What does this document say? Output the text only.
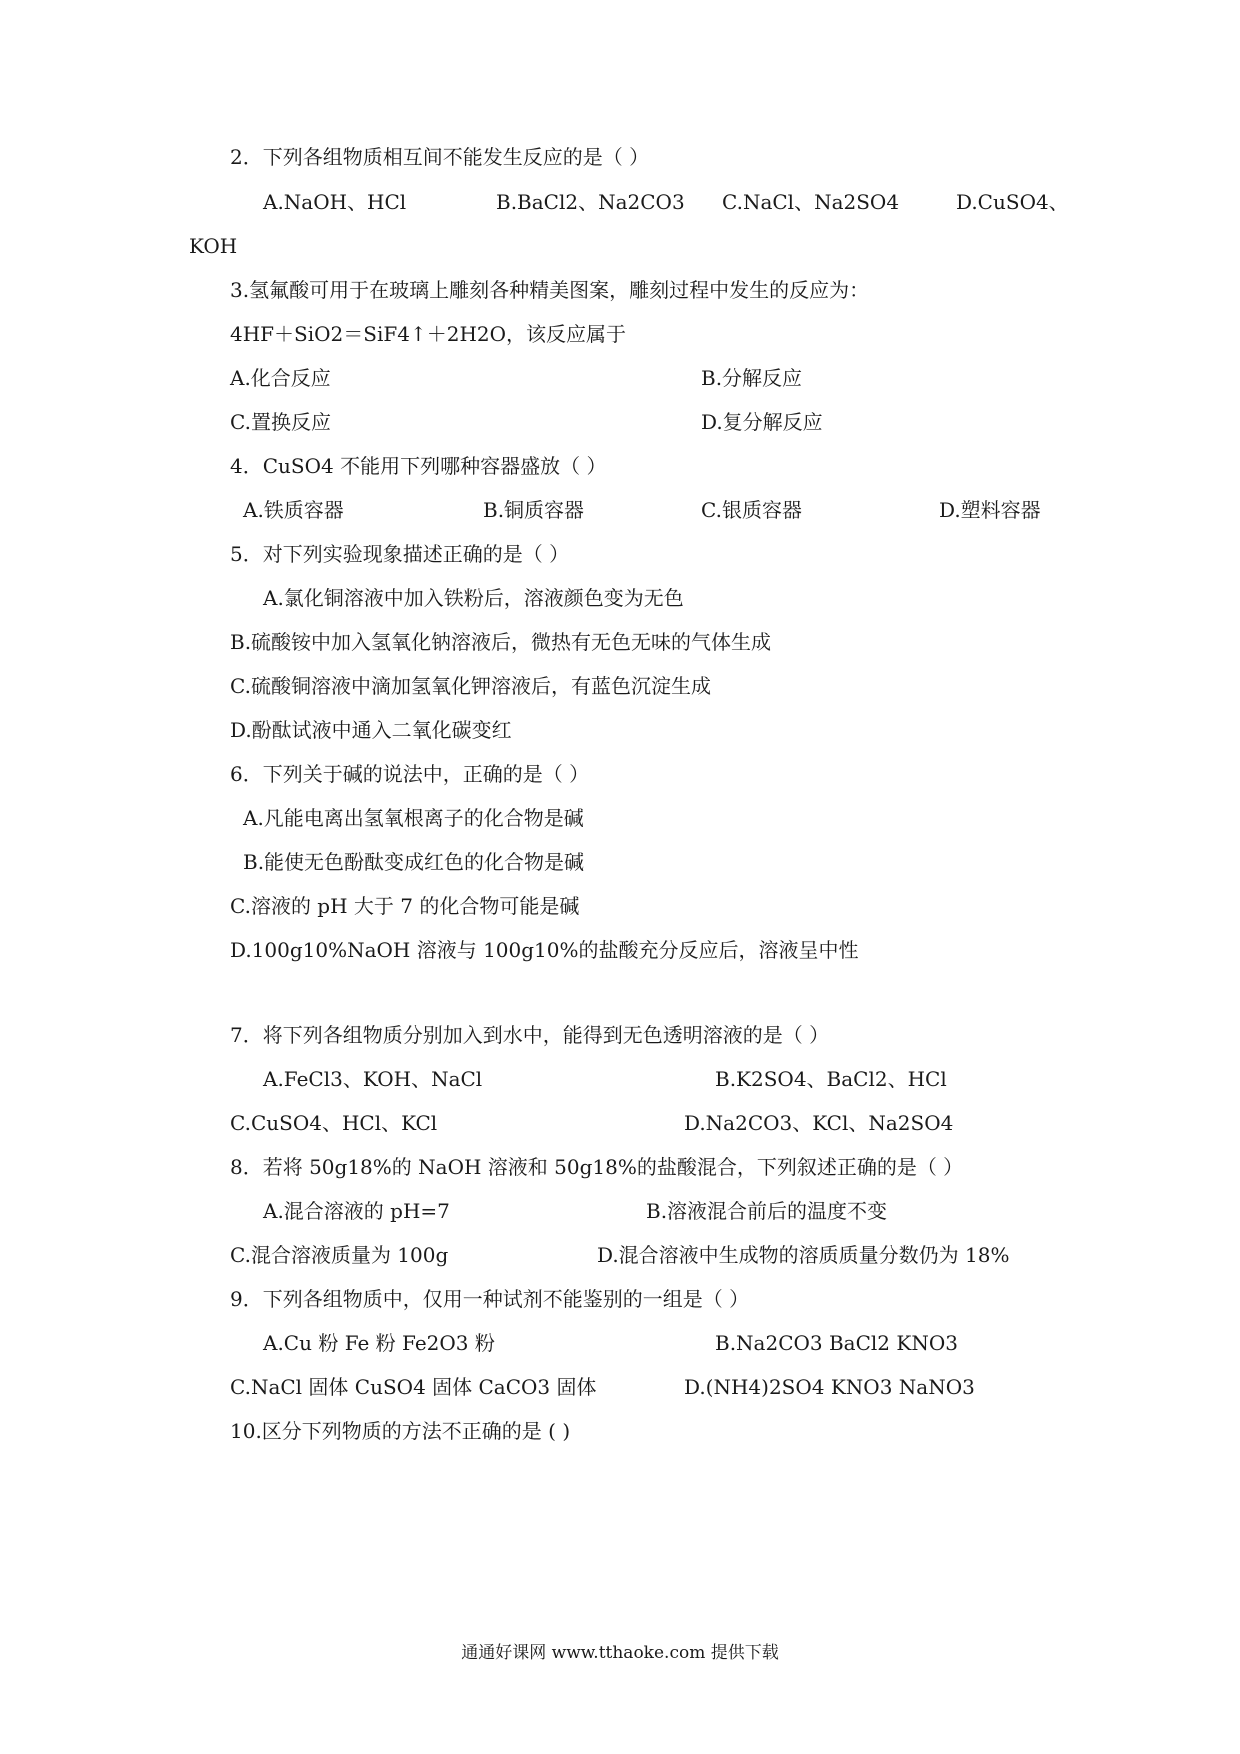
2．下列各组物质相互间不能发生反应的是（ ）
A.NaOH、HCl	B.BaCl2、Na2CO3 C.NaCl、Na2SO4	D.CuSO4、
KOH
3.氢氟酸可用于在玻璃上雕刻各种精美图案，雕刻过程中发生的反应为：
4HF＋SiO2＝SiF4↑＋2H2O，该反应属于
A.化合反应	B.分解反应
C.置换反应	D.复分解反应
4．CuSO4 不能用下列哪种容器盛放（ ）
A.铁质容器	B.铜质容器	C.银质容器	D.塑料容器
5．对下列实验现象描述正确的是（ ）
A.氯化铜溶液中加入铁粉后，溶液颜色变为无色
B.硫酸铵中加入氢氧化钠溶液后，微热有无色无味的气体生成
C.硫酸铜溶液中滴加氢氧化钾溶液后，有蓝色沉淀生成
D.酚酞试液中通入二氧化碳变红
6．下列关于碱的说法中，正确的是（ ）
A.凡能电离出氢氧根离子的化合物是碱
B.能使无色酚酞变成红色的化合物是碱
C.溶液的 pH 大于 7 的化合物可能是碱
D.100g10%NaOH 溶液与 100g10%的盐酸充分反应后，溶液呈中性
7．将下列各组物质分别加入到水中，能得到无色透明溶液的是（ ）
A.FeCl3、KOH、NaCl	B.K2SO4、BaCl2、HCl
C.CuSO4、HCl、KCl	D.Na2CO3、KCl、Na2SO4
8．若将 50g18%的 NaOH 溶液和 50g18%的盐酸混合，下列叙述正确的是（ ）
A.混合溶液的 pH=7	B.溶液混合前后的温度不变
C.混合溶液质量为 100g	D.混合溶液中生成物的溶质质量分数仍为 18%
9．下列各组物质中，仅用一种试剂不能鉴别的一组是（ ）
A.Cu 粉 Fe 粉 Fe2O3 粉	B.Na2CO3 BaCl2 KNO3
C.NaCl 固体 CuSO4 固体 CaCO3 固体	D.(NH4)2SO4 KNO3 NaNO3
10.区分下列物质的方法不正确的是 ( )
通通好课网 www.tthaoke.com 提供下载
